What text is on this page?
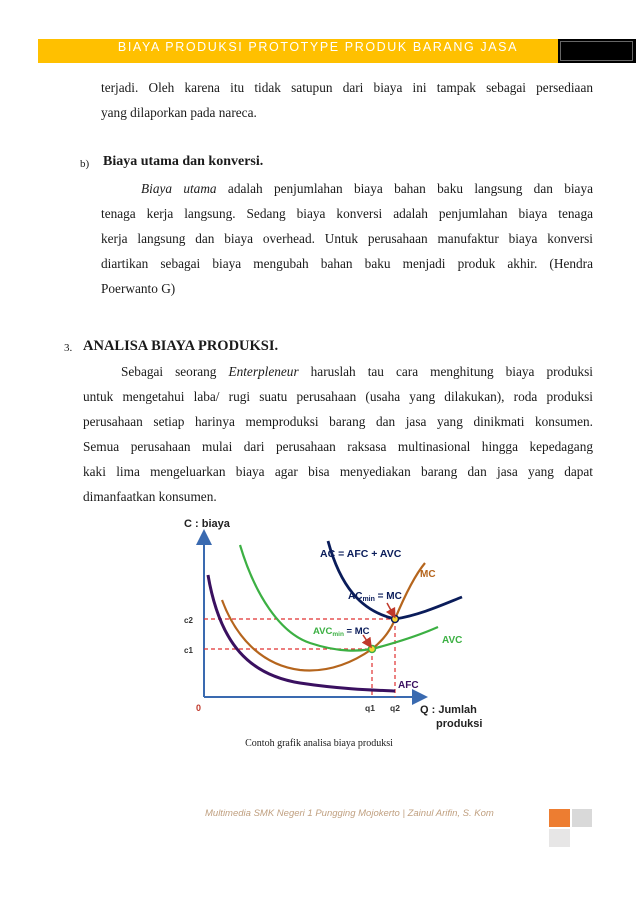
BIAYA PRODUKSI PROTOTYPE PRODUK BARANG JASA
terjadi. Oleh karena itu tidak satupun dari biaya ini tampak sebagai persediaan
yang dilaporkan pada nareca.
b) Biaya utama dan konversi.
Biaya utama adalah penjumlahan biaya bahan baku langsung dan biaya
tenaga kerja langsung. Sedang biaya konversi adalah penjumlahan biaya tenaga
kerja langsung dan biaya overhead. Untuk perusahaan manufaktur biaya konversi
diartikan sebagai biaya mengubah bahan baku menjadi produk akhir. (Hendra
Poerwanto G)
3. ANALISA BIAYA PRODUKSI.
Sebagai seorang Enterpleneur haruslah tau cara menghitung biaya produksi
untuk mengetahui laba/ rugi suatu perusahaan (usaha yang dilakukan), roda produksi
perusahaan setiap harinya memproduksi barang dan jasa yang dinikmati konsumen.
Semua perusahaan mulai dari perusahaan raksasa multinasional hingga kepedagang
kaki lima mengeluarkan biaya agar bisa menyediakan barang dan jasa yang dapat
dimanfaatkan konsumen.
C : biaya
c2
c1
0	q1 q2 Q : Jumlah
produksi
AC = AFC + AVC
MC
$AC_{min}$ = MC
$AVC_{min}$ = MC
AVC
AFC
Contoh grafik analisa biaya produksi
Multimedia SMK Negeri 1 Pungging Mojokerto | Zainul Arifin, S. Kom
